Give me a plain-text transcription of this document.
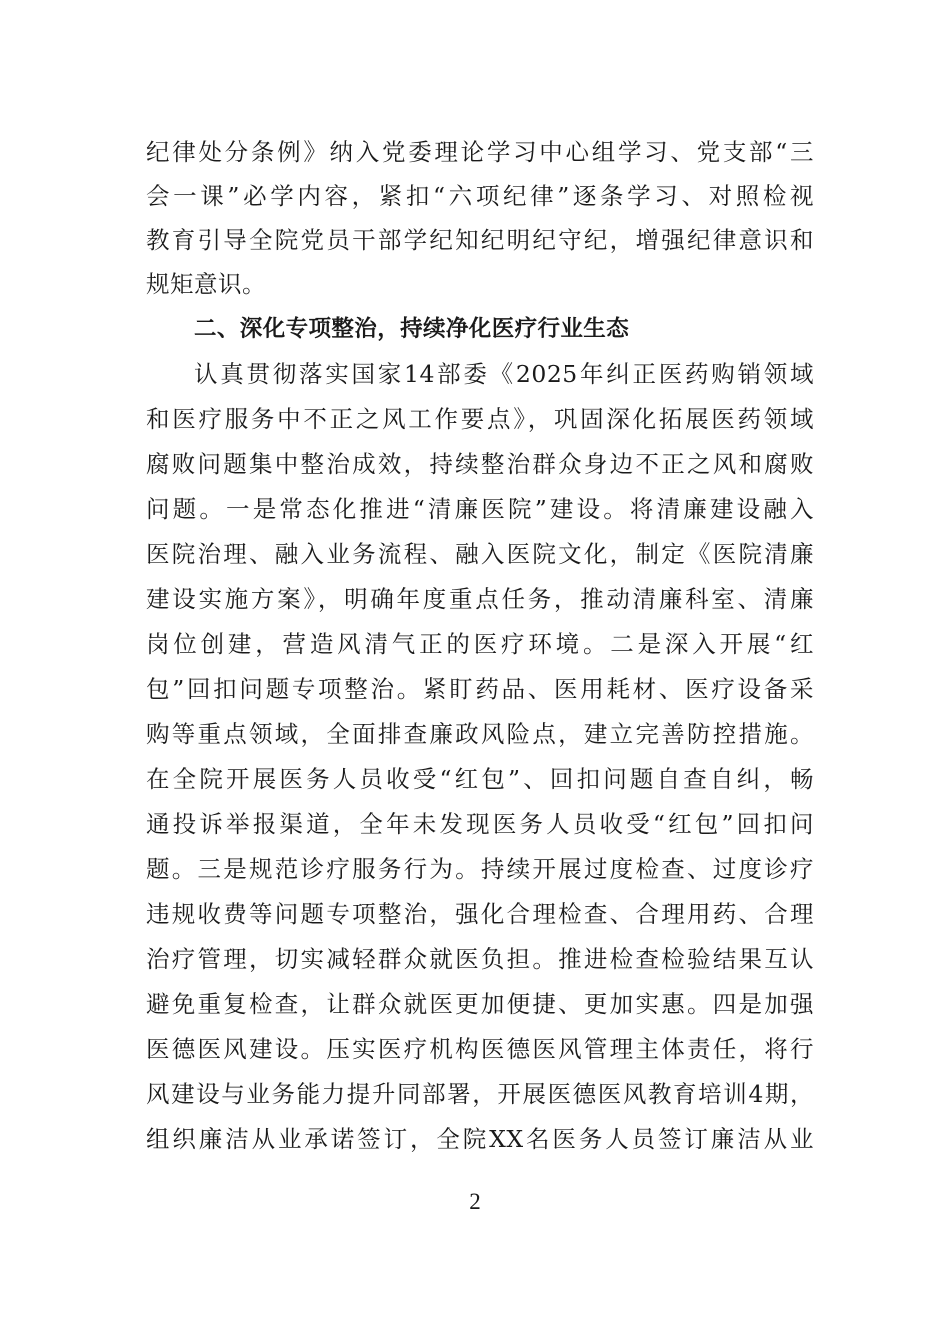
纪律处分条例》纳入党委理论学习中心组学习、党支部“三
会一课”必学内容，紧扣“六项纪律”逐条学习、对照检视
教育引导全院党员干部学纪知纪明纪守纪，增强纪律意识和
规矩意识。
二、深化专项整治，持续净化医疗行业生态
认真贯彻落实国家14部委《2025年纠正医药购销领域
和医疗服务中不正之风工作要点》，巩固深化拓展医药领域
腐败问题集中整治成效，持续整治群众身边不正之风和腐败
问题。一是常态化推进“清廉医院”建设。将清廉建设融入
医院治理、融入业务流程、融入医院文化，制定《医院清廉
建设实施方案》，明确年度重点任务，推动清廉科室、清廉
岗位创建，营造风清气正的医疗环境。二是深入开展“红
包”回扣问题专项整治。紧盯药品、医用耗材、医疗设备采
购等重点领域，全面排查廉政风险点，建立完善防控措施。
在全院开展医务人员收受“红包”、回扣问题自查自纠，畅
通投诉举报渠道，全年未发现医务人员收受“红包”回扣问
题。三是规范诊疗服务行为。持续开展过度检查、过度诊疗
违规收费等问题专项整治，强化合理检查、合理用药、合理
治疗管理，切实减轻群众就医负担。推进检查检验结果互认
避免重复检查，让群众就医更加便捷、更加实惠。四是加强
医德医风建设。压实医疗机构医德医风管理主体责任，将行
风建设与业务能力提升同部署，开展医德医风教育培训4期，
组织廉洁从业承诺签订，全院XX名医务人员签订廉洁从业
2
